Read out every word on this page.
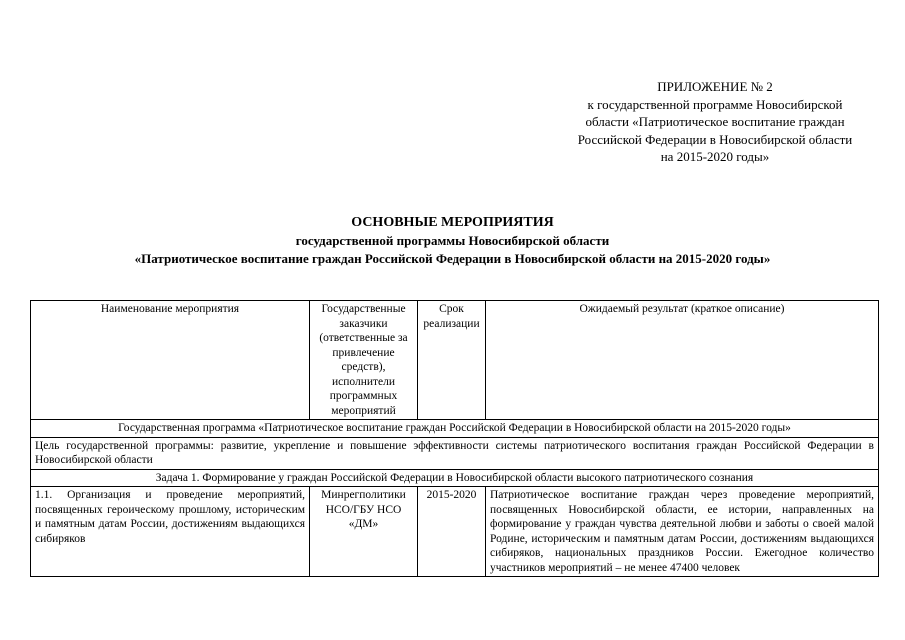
ПРИЛОЖЕНИЕ № 2
к государственной программе Новосибирской
области «Патриотическое воспитание граждан
Российской Федерации в Новосибирской области
на 2015-2020 годы»
ОСНОВНЫЕ МЕРОПРИЯТИЯ
государственной программы Новосибирской области
«Патриотическое воспитание граждан Российской Федерации в Новосибирской области на 2015-2020 годы»
Наименование мероприятия	Государственные заказчики (ответственные за привлечение средств), исполнители программных мероприятий	Срок реализации	Ожидаемый результат (краткое описание)
Государственная программа «Патриотическое воспитание граждан Российской Федерации в Новосибирской области на 2015-2020 годы»			
Цель государственной программы: развитие, укрепление и повышение эффективности системы патриотического воспитания граждан Российской Федерации в Новосибирской области			
Задача 1. Формирование у граждан Российской Федерации в Новосибирской области высокого патриотического сознания			
1.1. Организация и проведение мероприятий, посвященных героическому прошлому, историческим и памятным датам России, достижениям выдающихся сибиряков	Минрегполитики НСО/ГБУ НСО «ДМ»	2015-2020	Патриотическое воспитание граждан через проведение мероприятий, посвященных Новосибирской области, ее истории, направленных на формирование у граждан чувства деятельной любви и заботы о своей малой Родине, историческим и памятным датам России, достижениям выдающихся сибиряков, национальных праздников России. Ежегодное количество участников мероприятий – не менее 47400 человек
